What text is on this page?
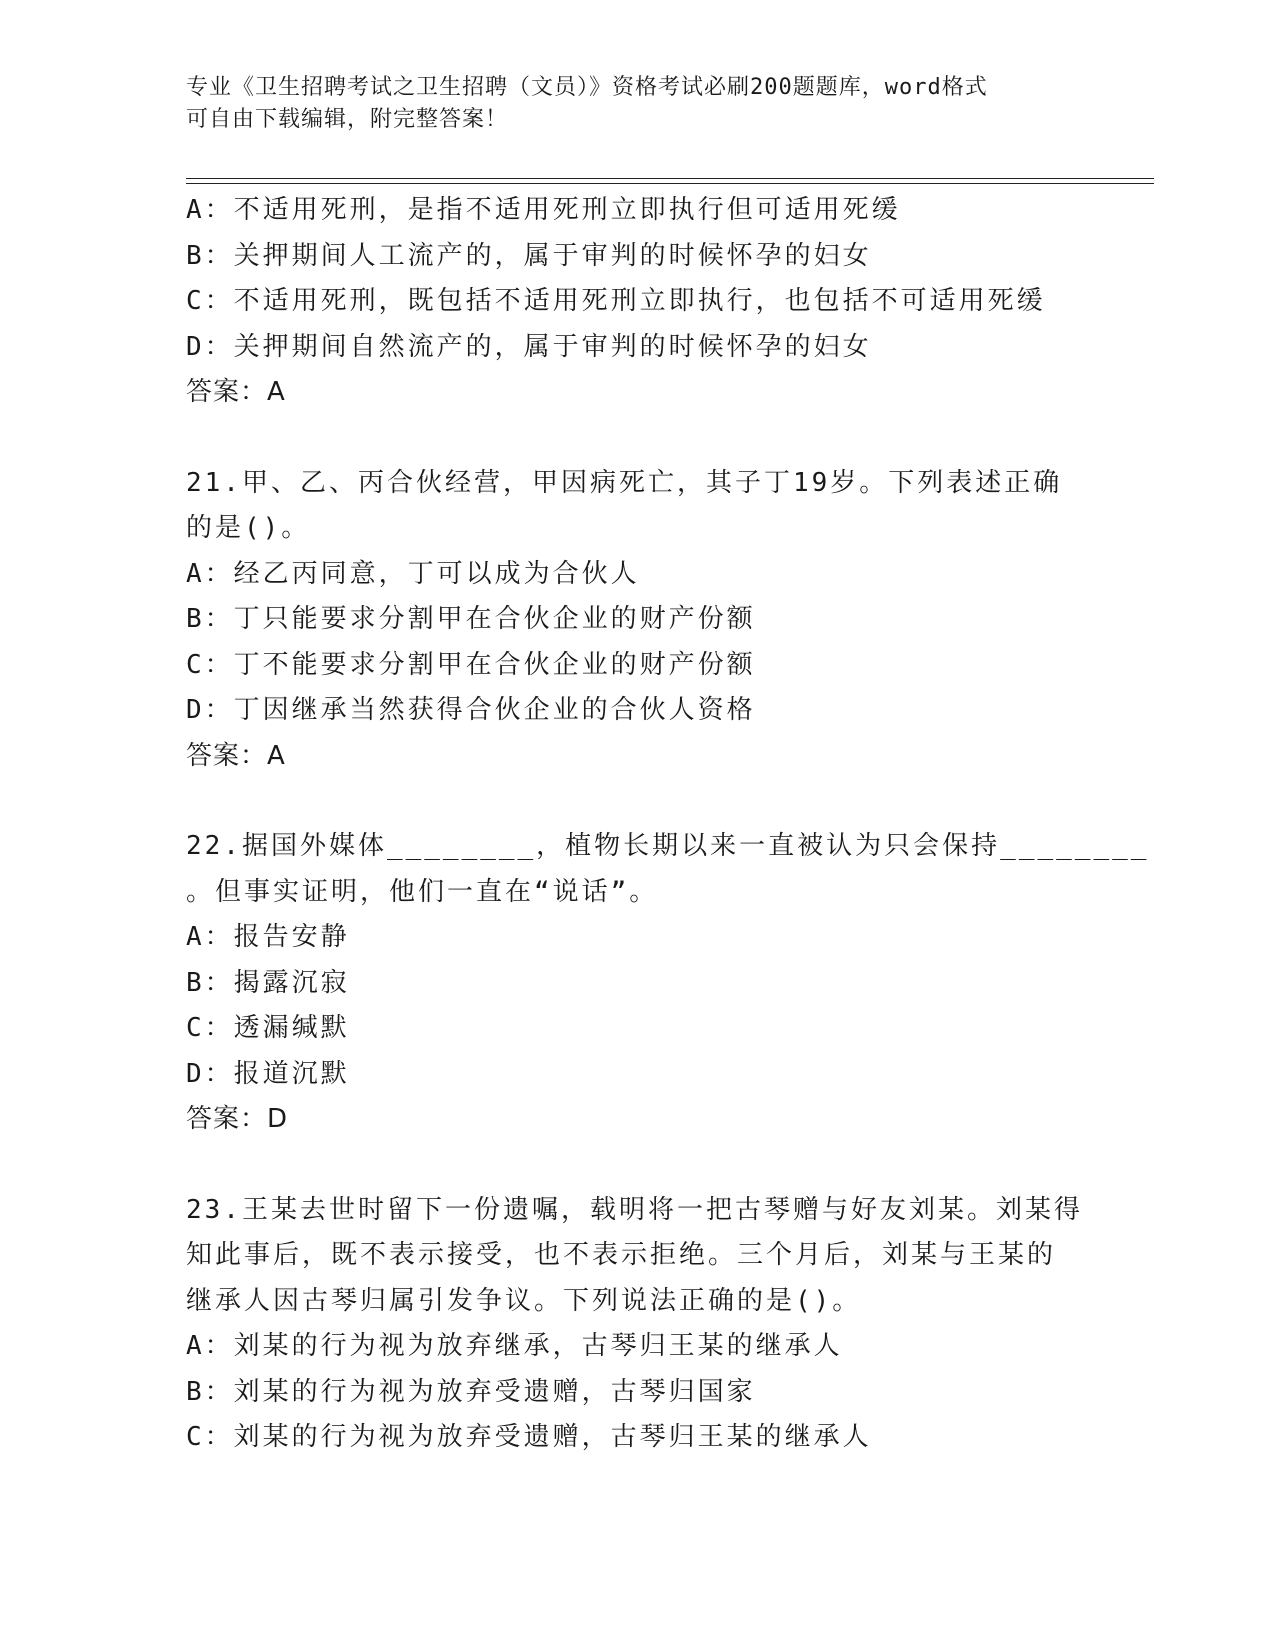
专业《卫生招聘考试之卫生招聘（文员）》资格考试必刷200题题库，word格式
可自由下载编辑，附完整答案！
A：不适用死刑，是指不适用死刑立即执行但可适用死缓
B：关押期间人工流产的，属于审判的时候怀孕的妇女
C：不适用死刑，既包括不适用死刑立即执行，也包括不可适用死缓
D：关押期间自然流产的，属于审判的时候怀孕的妇女
答案：A
21.甲、乙、丙合伙经营，甲因病死亡，其子丁19岁。下列表述正确
的是()。
A：经乙丙同意，丁可以成为合伙人
B：丁只能要求分割甲在合伙企业的财产份额
C：丁不能要求分割甲在合伙企业的财产份额
D：丁因继承当然获得合伙企业的合伙人资格
答案：A
22.据国外媒体________，植物长期以来一直被认为只会保持________
。但事实证明，他们一直在“说话”。
A：报告安静
B：揭露沉寂
C：透漏缄默
D：报道沉默
答案：D
23.王某去世时留下一份遗嘱，载明将一把古琴赠与好友刘某。刘某得
知此事后，既不表示接受，也不表示拒绝。三个月后，刘某与王某的
继承人因古琴归属引发争议。下列说法正确的是()。
A：刘某的行为视为放弃继承，古琴归王某的继承人
B：刘某的行为视为放弃受遗赠，古琴归国家
C：刘某的行为视为放弃受遗赠，古琴归王某的继承人
